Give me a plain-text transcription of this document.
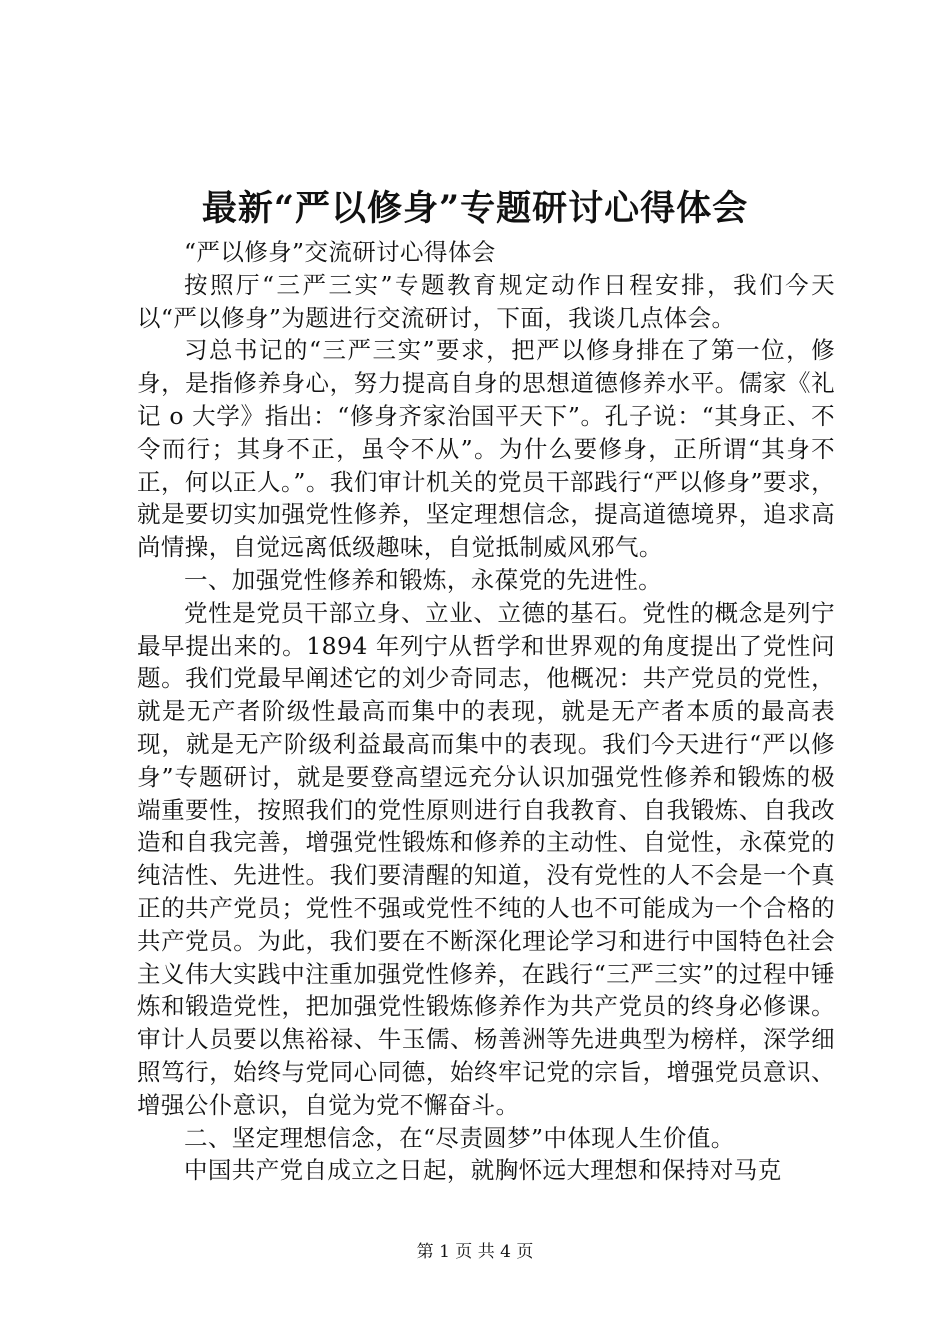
最新“严以修身”专题研讨心得体会

“严以修身”交流研讨心得体会

按照厅“三严三实”专题教育规定动作日程安排，我们今天以“严以修身”为题进行交流研讨，下面，我谈几点体会。

习总书记的“三严三实”要求，把严以修身排在了第一位，修身，是指修养身心，努力提高自身的思想道德修养水平。儒家《礼记 o 大学》指出：“修身齐家治国平天下”。孔子说：“其身正、不令而行；其身不正，虽令不从”。为什么要修身，正所谓“其身不正，何以正人。”。我们审计机关的党员干部践行“严以修身”要求，就是要切实加强党性修养，坚定理想信念，提高道德境界，追求高尚情操，自觉远离低级趣味，自觉抵制威风邪气。

一、加强党性修养和锻炼，永葆党的先进性。

党性是党员干部立身、立业、立德的基石。党性的概念是列宁最早提出来的。1894 年列宁从哲学和世界观的角度提出了党性问题。我们党最早阐述它的刘少奇同志，他概况：共产党员的党性，就是无产者阶级性最高而集中的表现，就是无产者本质的最高表现，就是无产阶级利益最高而集中的表现。我们今天进行“严以修身”专题研讨，就是要登高望远充分认识加强党性修养和锻炼的极端重要性，按照我们的党性原则进行自我教育、自我锻炼、自我改造和自我完善，增强党性锻炼和修养的主动性、自觉性，永葆党的纯洁性、先进性。我们要清醒的知道，没有党性的人不会是一个真正的共产党员；党性不强或党性不纯的人也不可能成为一个合格的共产党员。为此，我们要在不断深化理论学习和进行中国特色社会主义伟大实践中注重加强党性修养，在践行“三严三实”的过程中锤炼和锻造党性，把加强党性锻炼修养作为共产党员的终身必修课。审计人员要以焦裕禄、牛玉儒、杨善洲等先进典型为榜样，深学细照笃行，始终与党同心同德，始终牢记党的宗旨，增强党员意识、增强公仆意识，自觉为党不懈奋斗。

二、坚定理想信念，在“尽责圆梦”中体现人生价值。

中国共产党自成立之日起，就胸怀远大理想和保持对马克

第 1 页 共 4 页
